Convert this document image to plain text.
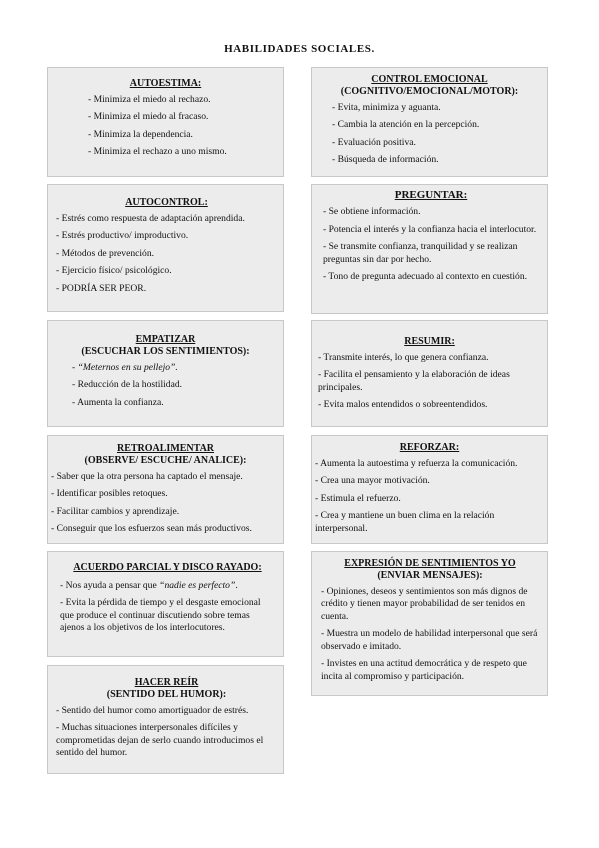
HABILIDADES SOCIALES.
AUTOESTIMA:
- Minimiza el miedo al rechazo.
- Minimiza el miedo al fracaso.
- Minimiza la dependencia.
- Minimiza el rechazo a uno mismo.
AUTOCONTROL:
- Estrés como respuesta de adaptación aprendida.
- Estrés productivo/ improductivo.
- Métodos de prevención.
- Ejercicio físico/ psicológico.
- PODRÍA SER PEOR.
EMPATIZAR
(ESCUCHAR LOS SENTIMIENTOS):
- “Meternos en su pellejo”.
- Reducción de la hostilidad.
- Aumenta la confianza.
RETROALIMENTAR
(OBSERVE/ ESCUCHE/ ANALICE):
- Saber que la otra persona ha captado el mensaje.
- Identificar posibles retoques.
- Facilitar cambios y aprendizaje.
- Conseguir que los esfuerzos sean más productivos.
ACUERDO PARCIAL Y DISCO RAYADO:
- Nos ayuda a pensar que “nadie es perfecto”.
- Evita la pérdida de tiempo y el desgaste emocional que produce el continuar discutiendo sobre temas ajenos a los objetivos de los interlocutores.
HACER REÍR
(SENTIDO DEL HUMOR):
- Sentido del humor como amortiguador de estrés.
- Muchas situaciones interpersonales difíciles y comprometidas dejan de serlo cuando introducimos el sentido del humor.
CONTROL EMOCIONAL
(COGNITIVO/EMOCIONAL/MOTOR):
- Evita, minimiza y aguanta.
- Cambia la atención en la percepción.
- Evaluación positiva.
- Búsqueda de información.
PREGUNTAR:
- Se obtiene información.
- Potencia el interés y la confianza hacia el interlocutor.
- Se transmite confianza, tranquilidad y se realizan preguntas sin dar por hecho.
- Tono de pregunta adecuado al contexto en cuestión.
RESUMIR:
- Transmite interés, lo que genera confianza.
- Facilita el pensamiento y la elaboración de ideas principales.
- Evita malos entendidos o sobreentendidos.
REFORZAR:
- Aumenta la autoestima y refuerza la comunicación.
- Crea una mayor motivación.
- Estimula el refuerzo.
- Crea y mantiene un buen clima en la relación interpersonal.
EXPRESIÓN DE SENTIMIENTOS YO
(ENVIAR MENSAJES):
- Opiniones, deseos y sentimientos son más dignos de crédito y tienen mayor probabilidad de ser tenidos en cuenta.
- Muestra un modelo de habilidad interpersonal que será observado e imitado.
- Invistes en una actitud democrática y de respeto que incita al compromiso y participación.
